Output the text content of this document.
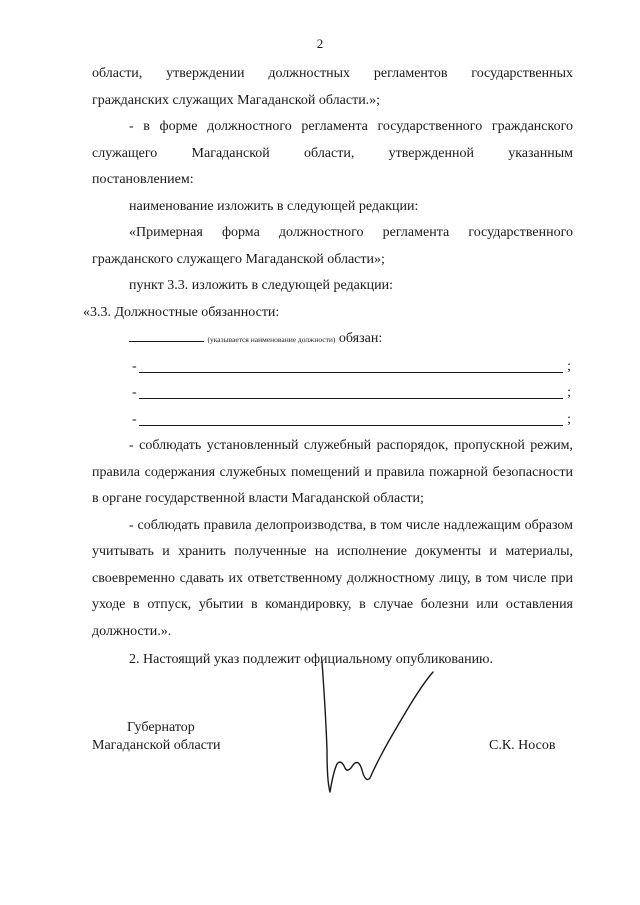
2

области, утверждении должностных регламентов государственных

гражданских служащих Магаданской области.»;

- в форме должностного регламента государственного гражданского

служащего Магаданской области, утвержденной указанным

постановлением:

наименование изложить в следующей редакции:

«Примерная форма должностного регламента государственного

гражданского служащего Магаданской области»;

пункт 3.3. изложить в следующей редакции:

«3.3. Должностные обязанности:

(указывается наименование должности) обязан:
-	;
-	;
-	;

- соблюдать установленный служебный распорядок, пропускной режим, правила содержания служебных помещений и правила пожарной безопасности в органе государственной власти Магаданской области;

- соблюдать правила делопроизводства, в том числе надлежащим образом учитывать и хранить полученные на исполнение документы и материалы, своевременно сдавать их ответственному должностному лицу, в том числе при уходе в отпуск, убытии в командировку, в случае болезни или оставления должности.».

2. Настоящий указ подлежит официальному опубликованию.

Губернатор
Магаданской области	С.К. Носов
